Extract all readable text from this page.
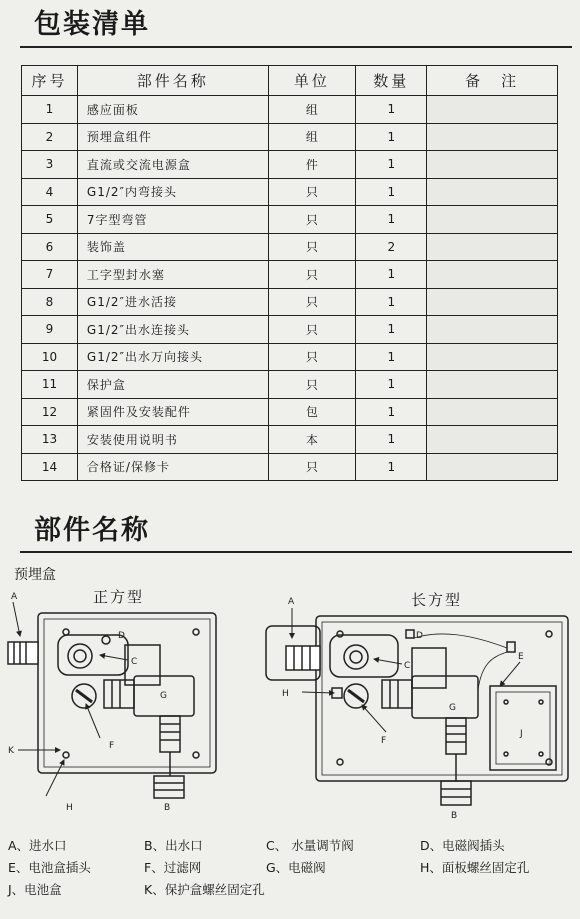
包装清单
序号	部件名称	单位	数量	备　注
1	感应面板	组	1	
2	预埋盒组件	组	1	
3	直流或交流电源盒	件	1	
4	G1/2″内弯接头	只	1	
5	7字型弯管	只	1	
6	装饰盖	只	2	
7	工字型封水塞	只	1	
8	G1/2″进水活接	只	1	
9	G1/2″出水连接头	只	1	
10	G1/2″出水万向接头	只	1	
11	保护盒	只	1	
12	紧固件及安装配件	包	1	
13	安装使用说明书	本	1	
14	合格证/保修卡	只	1	
部件名称
预埋盒
正方型	长方型
A
B
C
D
F
G
H
K
A
B
C
D
E
F
G
H
J
A、进水口	B、出水口	C、 水量调节阀	D、电磁阀插头
E、电池盒插头	F、过滤网	G、电磁阀	H、面板螺丝固定孔
J、电池盒	K、保护盒螺丝固定孔
